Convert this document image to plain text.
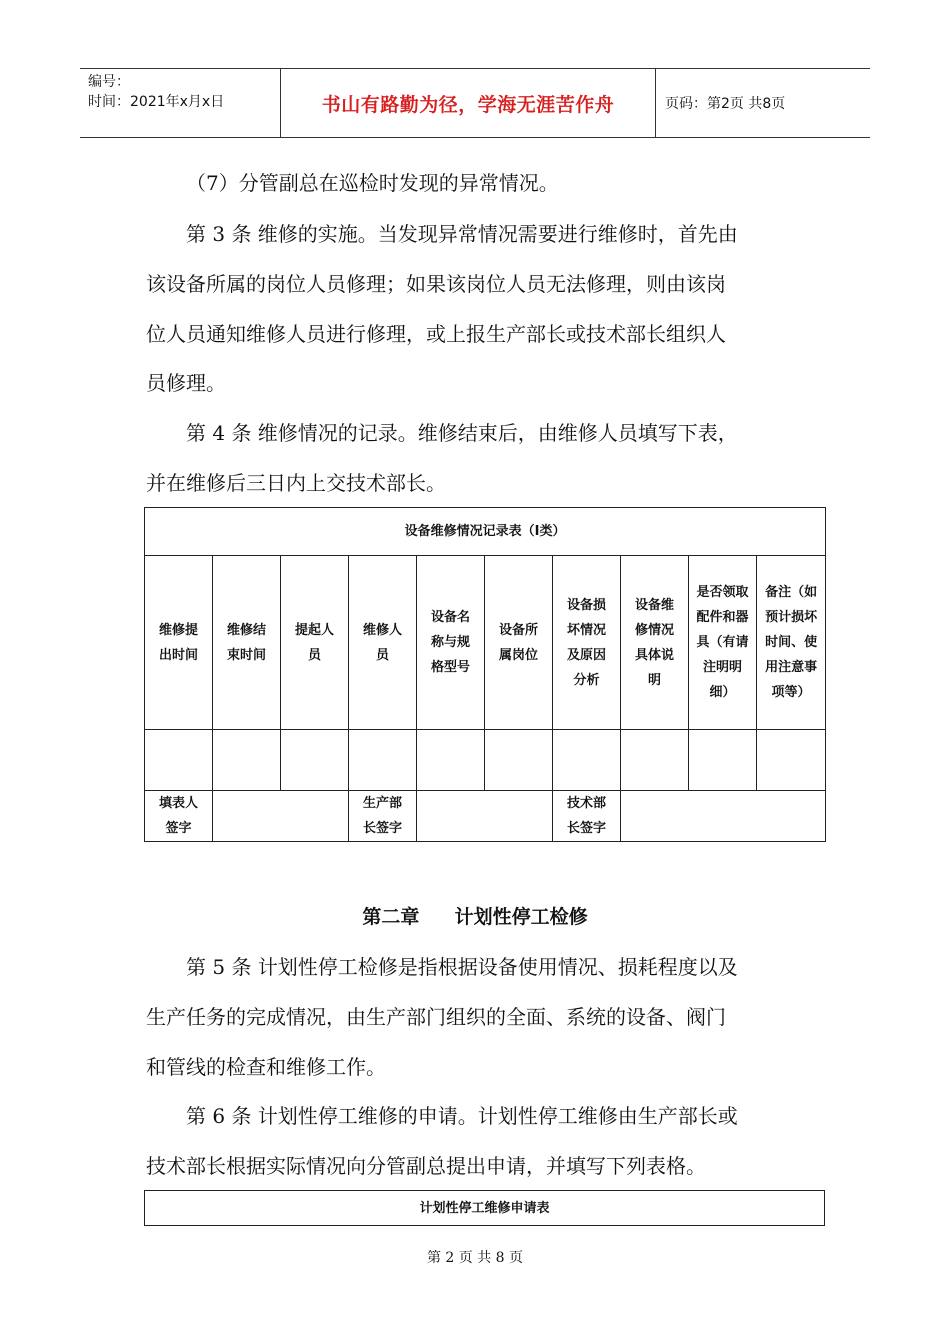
编号：
时间：2021年x月x日	书山有路勤为径，学海无涯苦作舟	页码：第2页 共8页
（7）分管副总在巡检时发现的异常情况。
第 3 条 维修的实施。当发现异常情况需要进行维修时，首先由
该设备所属的岗位人员修理；如果该岗位人员无法修理，则由该岗
位人员通知维修人员进行修理，或上报生产部长或技术部长组织人
员修理。
第 4 条 维修情况的记录。维修结束后，由维修人员填写下表，
并在维修后三日内上交技术部长。
设备维修情况记录表（Ⅰ类）									
维修提出时间	维修结束时间	提起人员	维修人员	设备名称与规格型号	设备所属岗位	设备损坏情况及原因分析	设备维修情况具体说明	是否领取配件和器具（有请注明明细）	备注（如预计损坏时间、使用注意事项等）

填表人签字			生产部长签字			技术部长签字			
第二章 计划性停工检修
第 5 条 计划性停工检修是指根据设备使用情况、损耗程度以及
生产任务的完成情况，由生产部门组织的全面、系统的设备、阀门
和管线的检查和维修工作。
第 6 条 计划性停工维修的申请。计划性停工维修由生产部长或
技术部长根据实际情况向分管副总提出申请，并填写下列表格。
计划性停工维修申请表
第 2 页 共 8 页
